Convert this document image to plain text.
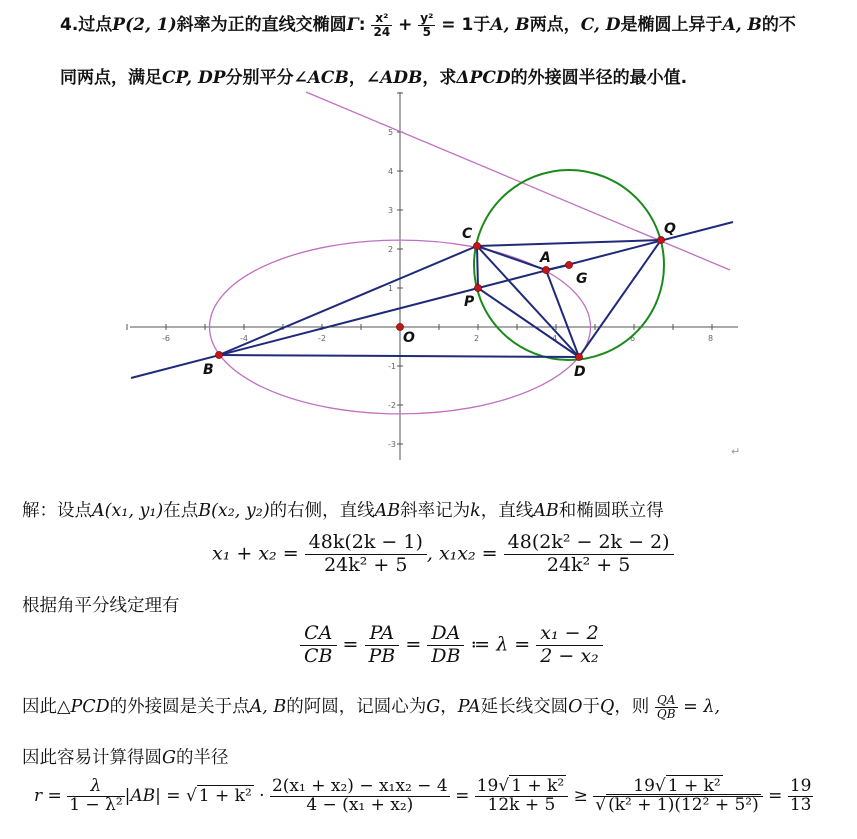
4.过点P(2, 1)斜率为正的直线交椭圆Γ: $\frac{\text{x²}}{24} + \frac{\text{y²}}{5} = 1$于A, B两点，C, D是椭圆上异于A, B的不
同两点，满足CP, DP分别平分∠ACB，∠ADB，求ΔPCD的外接圆半径的最小值.
-6	-4	-2	2	4	6	8
5
4
3
2
1
-1
-2
-3
C
A
G
Q
P
O
B	D
↵
解：设点A(x₁, y₁)在点B(x₂, y₂)的右侧，直线AB斜率记为k，直线AB和椭圆联立得
$x_1 + x_2 = \frac{48k(2k - 1)}{\text{24k² + 5}}$ , $x_1x_2 = \frac{\text{48(2k² − 2k − 2)}}{\text{24k² + 5}}$
根据角平分线定理有
$\frac{CA}{CB} = \frac{PA}{PB} = \frac{DA}{DB}$ ≔ $\lambda = \frac{\text{x₁ − 2}}{\text{2 − x₂}}$
因此△PCD的外接圆是关于点A, B的阿圆，记圆心为G，PA延长线交圆O于Q，则 $\frac{QA}{QB} = \lambda$,
因此容易计算得圆G的半径
$r = \frac{\lambda}{\text{1 − λ²}} |AB|$ = √ $1 + k^2 \cdot \frac{\text{2(x₁ + x₂) − x₁x₂ − 4}}{\text{4 − (x₁ + x₂)}} = \frac{\text{19√ 1 + k²}}{12k + 5} \ge \frac{\text{19√ 1 + k²}}{\text{√ (k² + 1)(12² + 5²)}} = \frac{19}{13}$
